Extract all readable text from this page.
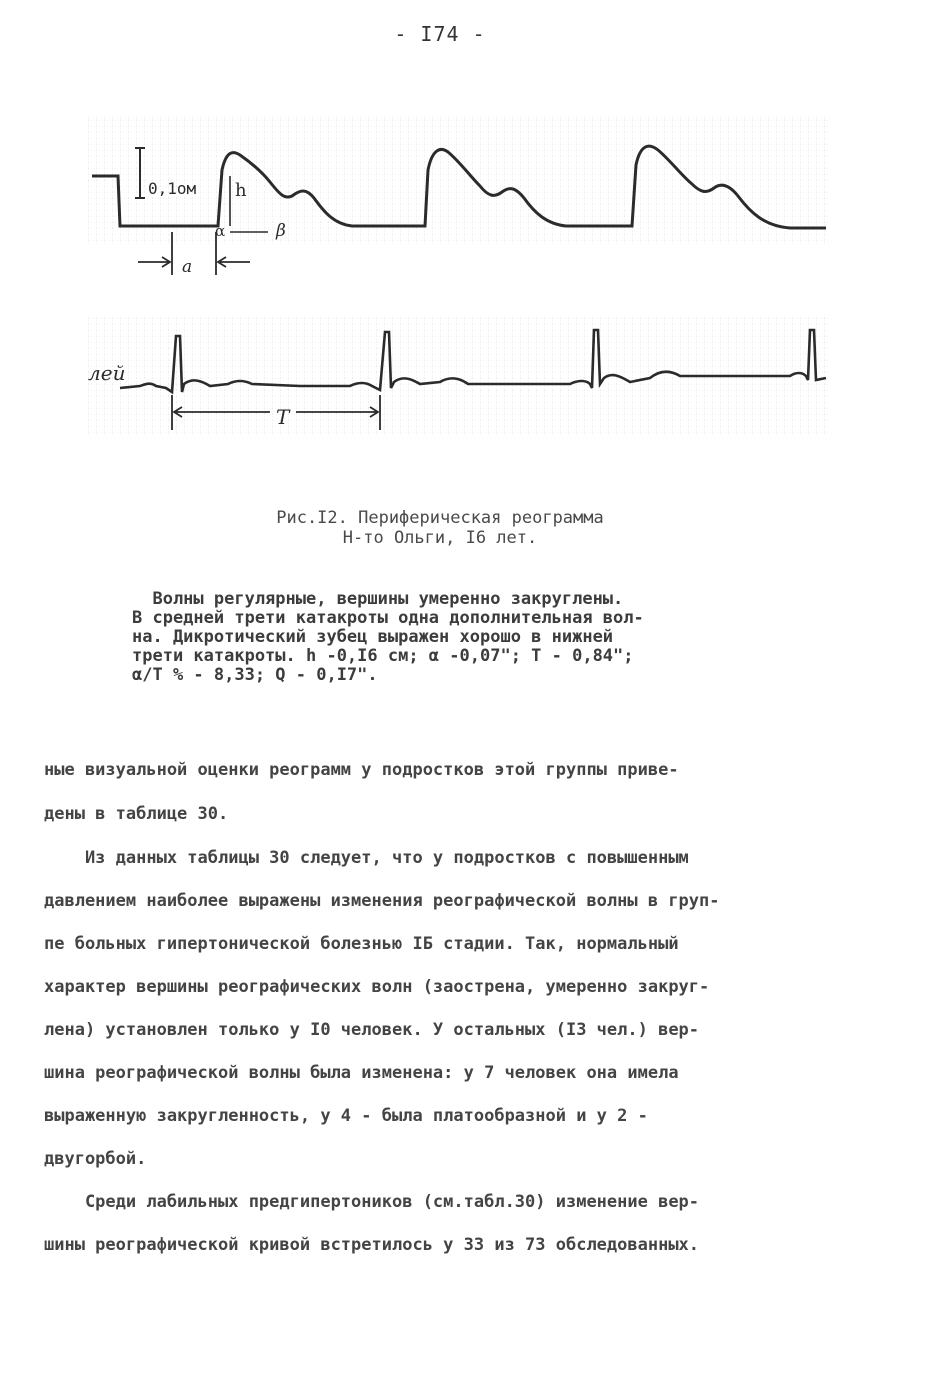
- I74 -
0,1ом h
α	β
а
лей
T
Рис.I2. Периферическая реограмма
Н-то Ольги, I6 лет.
Волны регулярные, вершины умеренно закруглены.
В средней трети катакроты одна дополнительная вол-
на. Дикротический зубец выражен хорошо в нижней
трети катакроты. h -0,I6 см; α -0,07"; T - 0,84";
α/T % - 8,33; Q - 0,I7".
ные визуальной оценки реограмм у подростков этой группы приве-
дены в таблице 30.
Из данных таблицы 30 следует, что у подростков с повышенным
давлением наиболее выражены изменения реографической волны в груп-
пе больных гипертонической болезнью IБ стадии. Так, нормальный
характер вершины реографических волн (заострена, умеренно закруг-
лена) установлен только у I0 человек. У остальных (I3 чел.) вер-
шина реографической волны была изменена: у 7 человек она имела
выраженную закругленность, у 4 - была платообразной и у 2 -
двугорбой.
Среди лабильных предгипертоников (см.табл.30) изменение вер-
шины реографической кривой встретилось у 33 из 73 обследованных.
